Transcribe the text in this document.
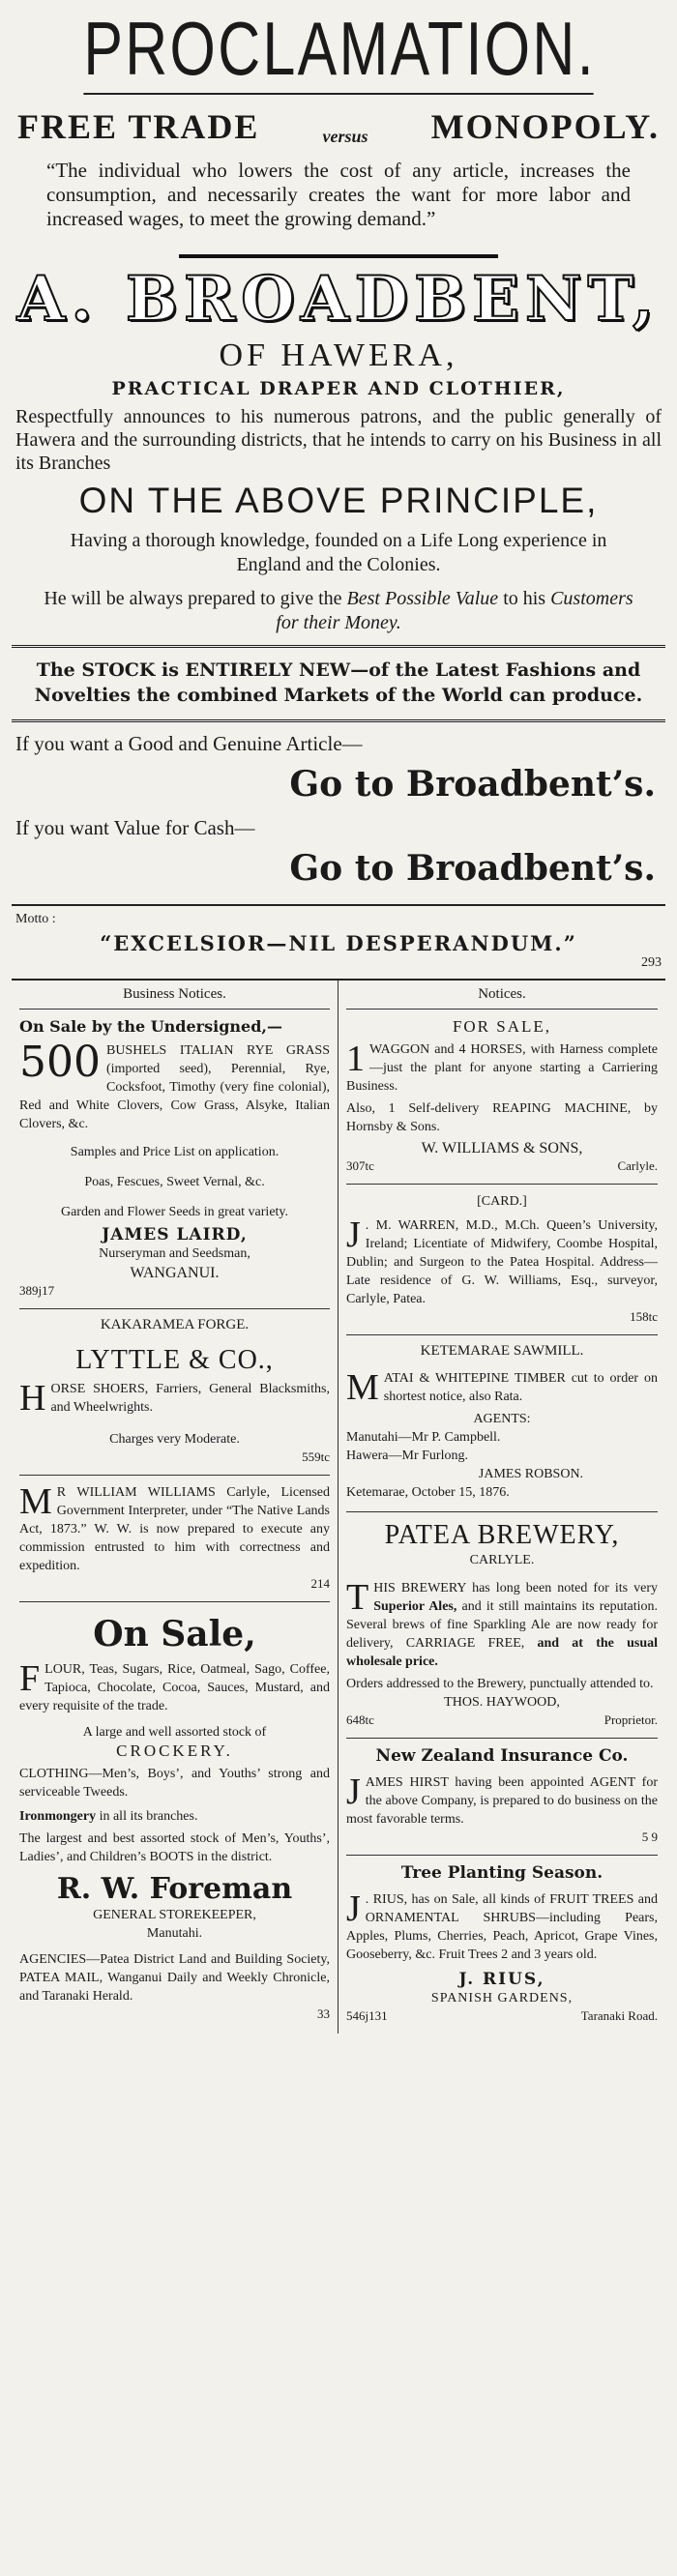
PROCLAMATION.
FREE TRADE	versus MONOPOLY.

“The individual who lowers the cost of any article, increases the consumption, and necessarily creates the want for more labor and increased wages, to meet the growing demand.”

A. BROADBENT,
OF HAWERA,
PRACTICAL DRAPER AND CLOTHIER,

Respectfully announces to his numerous patrons, and the public generally of Hawera and the surrounding districts, that he intends to carry on his Business in all its Branches

ON THE ABOVE PRINCIPLE,

Having a thorough knowledge, founded on a Life Long experience in England and the Colonies.

He will be always prepared to give the Best Possible Value to his Customers for their Money.

The STOCK is ENTIRELY NEW—of the Latest Fashions and Novelties the combined Markets of the World can produce.

If you want a Good and Genuine Article—
Go to Broadbent’s.
If you want Value for Cash—
Go to Broadbent’s.
Motto :
“EXCELSIOR—NIL DESPERANDUM.”
293
Business Notices.
On Sale by the Undersigned,—

500 BUSHELS ITALIAN RYE GRASS (imported seed), Perennial, Rye, Cocksfoot, Timothy (very fine colonial), Red and White Clovers, Cow Grass, Alsyke, Italian Clovers, &c.

Samples and Price List on application.
Poas, Fescues, Sweet Vernal, &c.
Garden and Flower Seeds in great variety.
JAMES LAIRD,
Nurseryman and Seedsman,
WANGANUI.
389j17
KAKARAMEA FORGE.
LYTTLE & CO.,

H ORSE SHOERS, Farriers, General Blacksmiths, and Wheelwrights.

Charges very Moderate.
559tc

M R WILLIAM WILLIAMS Carlyle, Licensed Government Interpreter, under “The Native Lands Act, 1873.” W. W. is now prepared to execute any commission entrusted to him with correctness and expedition.

214
On Sale,

F LOUR, Teas, Sugars, Rice, Oatmeal, Sago, Coffee, Tapioca, Chocolate, Cocoa, Sauces, Mustard, and every requisite of the trade.

A large and well assorted stock of
CROCKERY.

CLOTHING—Men’s, Boys’, and Youths’ strong and serviceable Tweeds.

Ironmongery in all its branches.

The largest and best assorted stock of Men’s, Youths’, Ladies’, and Children’s BOOTS in the district.

R. W. Foreman
GENERAL STOREKEEPER,
Manutahi.

AGENCIES—Patea District Land and Building Society, PATEA MAIL, Wanganui Daily and Weekly Chronicle, and Taranaki Herald.

33
Notices.
FOR SALE,

1 WAGGON and 4 HORSES, with Harness complete—just the plant for anyone starting a Carriering Business.

Also, 1 Self-delivery REAPING MACHINE, by Hornsby & Sons.

W. WILLIAMS & SONS,
307tc	Carlyle.
[CARD.]

J . M. WARREN, M.D., M.Ch. Queen’s University, Ireland; Licentiate of Midwifery, Coombe Hospital, Dublin; and Surgeon to the Patea Hospital. Address—Late residence of G. W. Williams, Esq., surveyor, Carlyle, Patea.

158tc
KETEMARAE SAWMILL.

M ATAI & WHITEPINE TIMBER cut to order on shortest notice, also Rata.

AGENTS:
Manutahi—Mr P. Campbell.
Hawera—Mr Furlong.
JAMES ROBSON.
Ketemarae, October 15, 1876.
PATEA BREWERY,
CARLYLE.

T HIS BREWERY has long been noted for its very Superior Ales, and it still maintains its reputation. Several brews of fine Sparkling Ale are now ready for delivery, CARRIAGE FREE, and at the usual wholesale price.

Orders addressed to the Brewery, punctually attended to.

THOS. HAYWOOD,
648tc	Proprietor.
New Zealand Insurance Co.

J AMES HIRST having been appointed AGENT for the above Company, is prepared to do business on the most favorable terms.

5 9
Tree Planting Season.

J . RIUS, has on Sale, all kinds of FRUIT TREES and ORNAMENTAL SHRUBS—including Pears, Apples, Plums, Cherries, Peach, Apricot, Grape Vines, Gooseberry, &c. Fruit Trees 2 and 3 years old.

J. RIUS,
SPANISH GARDENS,
546j131	Taranaki Road.
